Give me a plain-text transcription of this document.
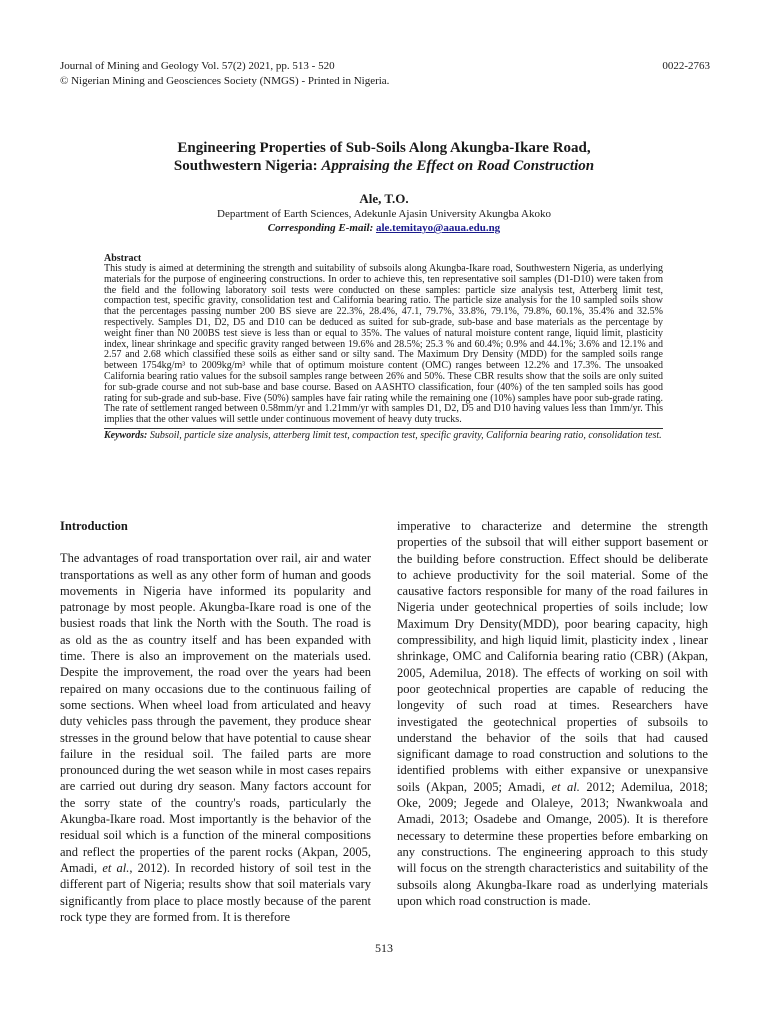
Journal of Mining and Geology Vol. 57(2) 2021, pp. 513 - 520
© Nigerian Mining and Geosciences Society (NMGS) - Printed in Nigeria.
0022-2763
Engineering Properties of Sub-Soils Along Akungba-Ikare Road,
Southwestern Nigeria: Appraising the Effect on Road Construction
Ale, T.O.
Department of Earth Sciences, Adekunle Ajasin University Akungba Akoko
Corresponding E-mail: ale.temitayo@aaua.edu.ng
Abstract
This study is aimed at determining the strength and suitability of subsoils along Akungba-Ikare road, Southwestern Nigeria, as underlying materials for the purpose of engineering constructions. In order to achieve this, ten representative soil samples (D1-D10) were taken from the field and the following laboratory soil tests were conducted on these samples: particle size analysis test, Atterberg limit test, compaction test, specific gravity, consolidation test and California bearing ratio. The particle size analysis for the 10 sampled soils show that the percentages passing number 200 BS sieve are 22.3%, 28.4%, 47.1, 79.7%, 33.8%, 79.1%, 79.8%, 60.1%, 35.4% and 32.5% respectively. Samples D1, D2, D5 and D10 can be deduced as suited for sub-grade, sub-base and base materials as the percentage by weight finer than N0 200BS test sieve is less than or equal to 35%. The values of natural moisture content range, liquid limit, plasticity index, linear shrinkage and specific gravity ranged between 19.6% and 28.5%; 25.3 % and 60.4%; 0.9% and 44.1%; 3.6% and 12.1% and 2.57 and 2.68 which classified these soils as either sand or silty sand. The Maximum Dry Density (MDD) for the sampled soils range between 1754kg/m³ to 2009kg/m³ while that of optimum moisture content (OMC) ranges between 12.2% and 17.3%. The unsoaked California bearing ratio values for the subsoil samples range between 26% and 50%. These CBR results show that the soils are only suited for sub-grade course and not sub-base and base course. Based on AASHTO classification, four (40%) of the ten sampled soils has good rating for sub-grade and sub-base. Five (50%) samples have fair rating while the remaining one (10%) samples have poor sub-grade rating. The rate of settlement ranged between 0.58mm/yr and 1.21mm/yr with samples D1, D2, D5 and D10 having values less than 1mm/yr. This implies that the other values will settle under continuous movement of heavy duty trucks.
Keywords: Subsoil, particle size analysis, atterberg limit test, compaction test, specific gravity, California bearing ratio, consolidation test.
Introduction

The advantages of road transportation over rail, air and water transportations as well as any other form of human and goods movements in Nigeria have informed its popularity and patronage by most people. Akungba-Ikare road is one of the busiest roads that link the North with the South. The road is as old as the as country itself and has been expanded with time. There is also an improvement on the materials used. Despite the improvement, the road over the years had been repaired on many occasions due to the continuous failing of some sections. When wheel load from articulated and heavy duty vehicles pass through the pavement, they produce shear stresses in the ground below that have potential to cause shear failure in the residual soil. The failed parts are more pronounced during the wet season while in most cases repairs are carried out during dry season. Many factors account for the sorry state of the country's roads, particularly the Akungba-Ikare road. Most importantly is the behavior of the residual soil which is a function of the mineral compositions and reflect the properties of the parent rocks (Akpan, 2005, Amadi, et al., 2012). In recorded history of soil test in the different part of Nigeria; results show that soil materials vary significantly from place to place mostly because of the parent rock type they are formed from. It is therefore

imperative to characterize and determine the strength properties of the subsoil that will either support basement or the building before construction. Effect should be deliberate to achieve productivity for the soil material. Some of the causative factors responsible for many of the road failures in Nigeria under geotechnical properties of soils include; low Maximum Dry Density(MDD), poor bearing capacity, high compressibility, and high liquid limit, plasticity index , linear shrinkage, OMC and California bearing ratio (CBR) (Akpan, 2005, Ademilua, 2018). The effects of working on soil with poor geotechnical properties are capable of reducing the longevity of such road at times. Researchers have investigated the geotechnical properties of subsoils to understand the behavior of the soils that had caused significant damage to road construction and solutions to the identified problems with either expansive or unexpansive soils (Akpan, 2005; Amadi, et al. 2012; Ademilua, 2018; Oke, 2009; Jegede and Olaleye, 2013; Nwankwoala and Amadi, 2013; Osadebe and Omange, 2005). It is therefore necessary to determine these properties before embarking on any constructions. The engineering approach to this study will focus on the strength characteristics and suitability of the subsoils along Akungba-Ikare road as underlying materials upon which road construction is made.

513
